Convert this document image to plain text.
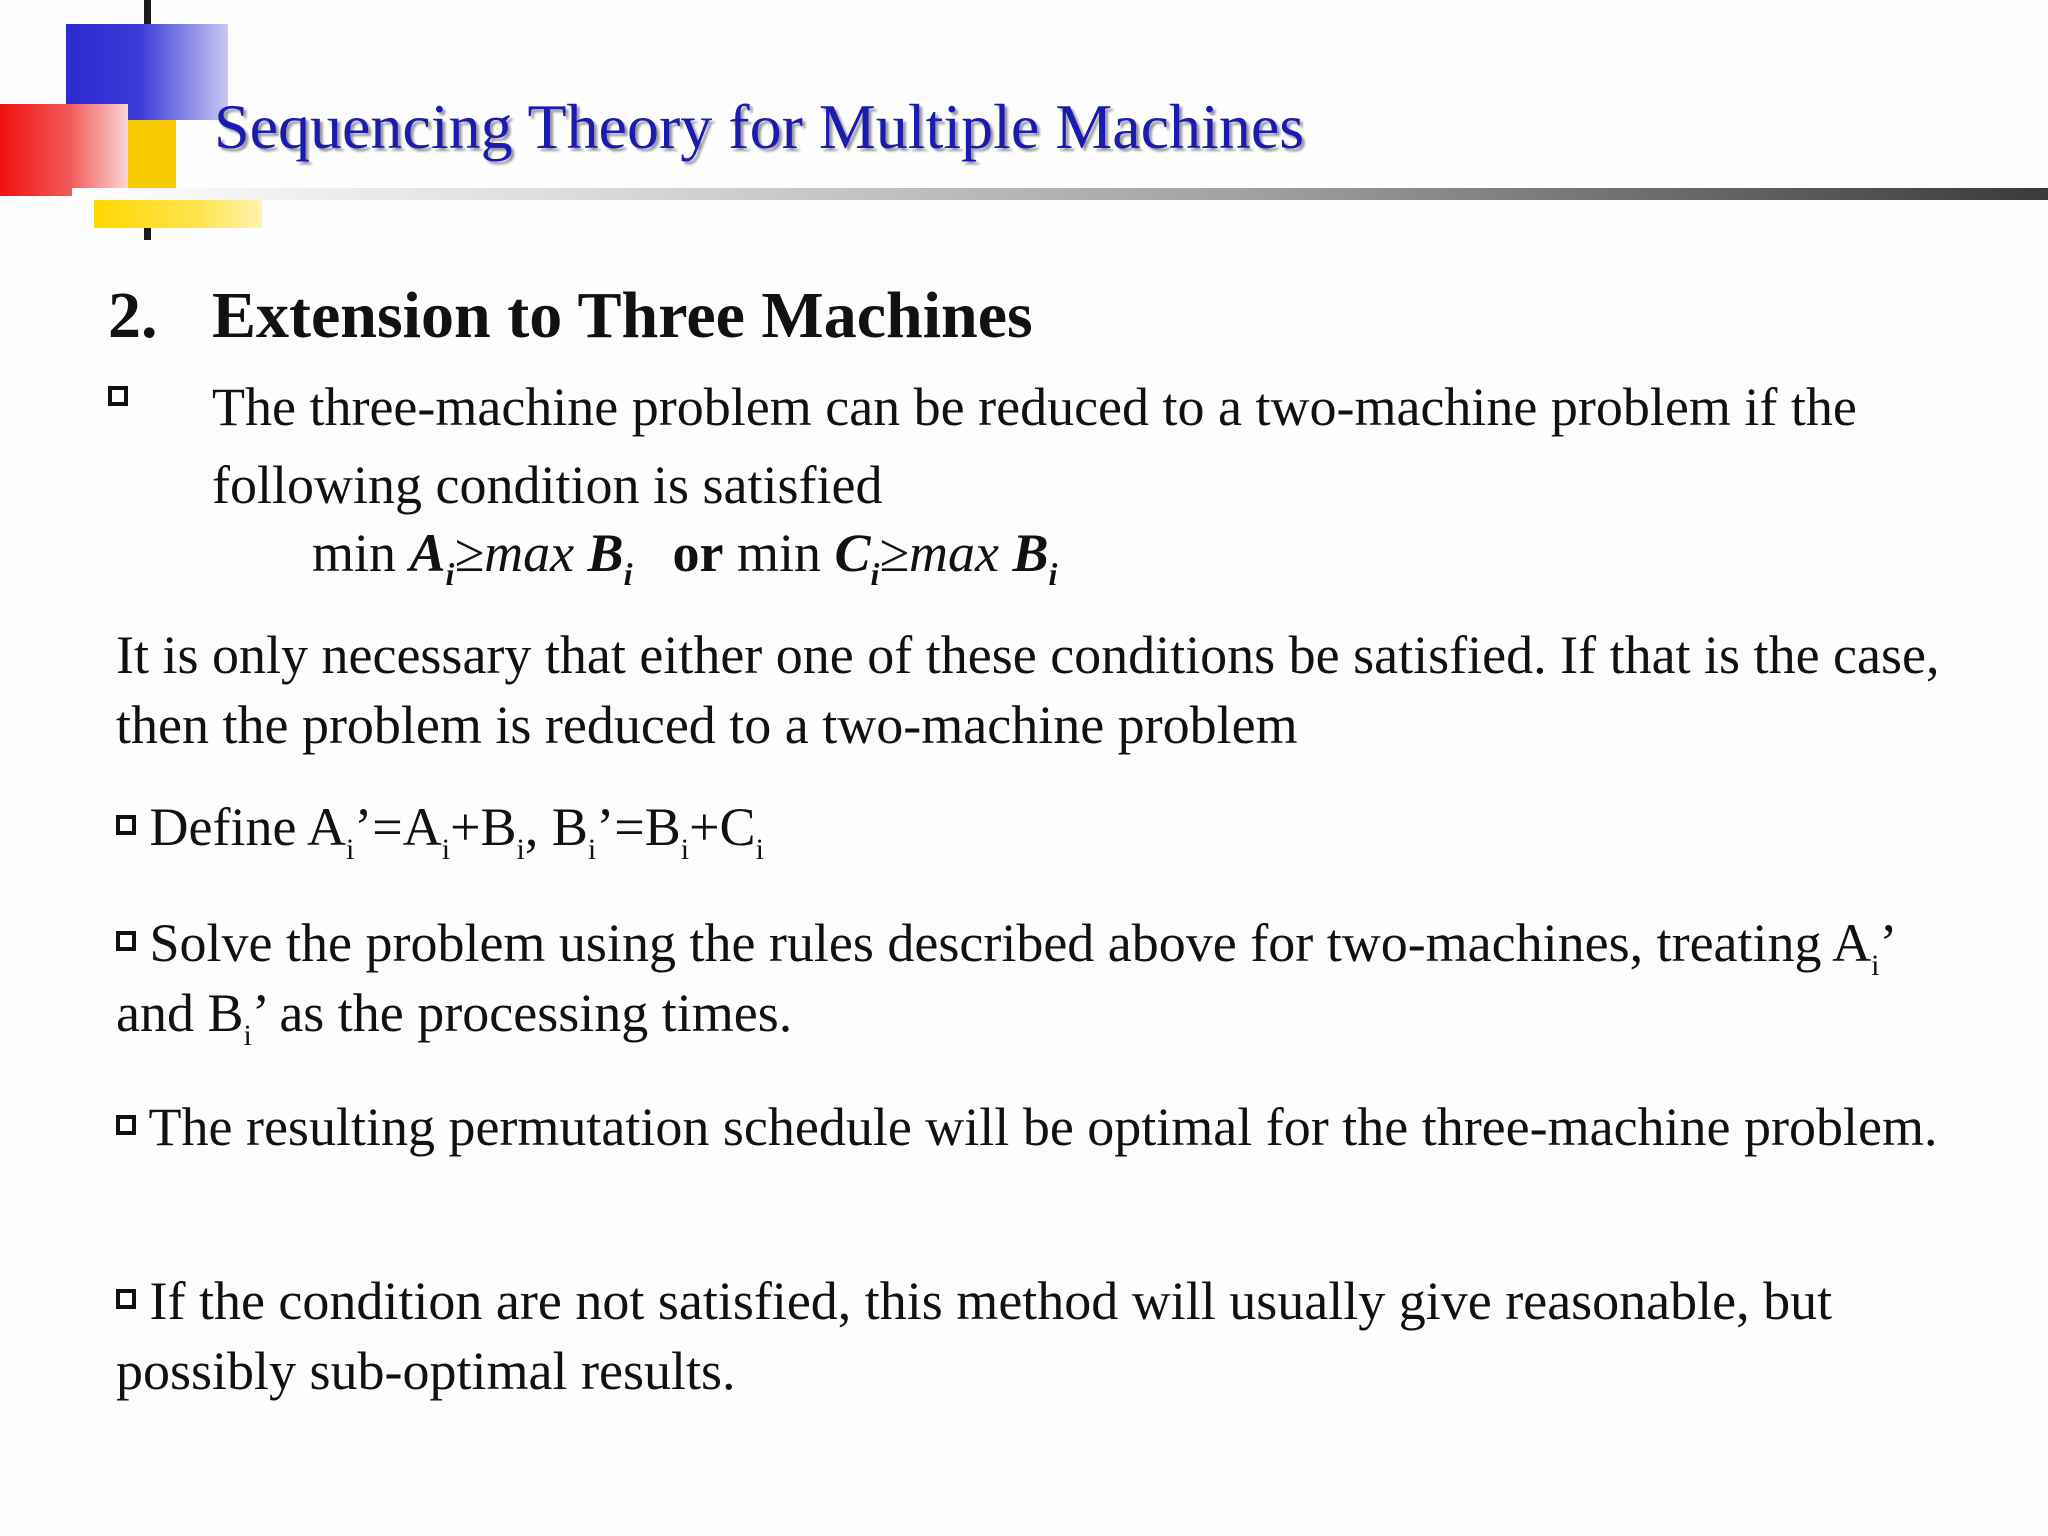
Sequencing Theory for Multiple Machines
2. Extension to Three Machines
The three-machine problem can be reduced to a two-machine problem if the following condition is satisfied
$\min A_i\ge\max$ $B_i$ or $\min C_i\ge\max$ $B_i$
It is only necessary that either one of these conditions be satisfied. If that is the case, then the problem is reduced to a two-machine problem
Define $A_i’=A_i+B_i$, $B_i’=B_i+C_i$
Solve the problem using the rules described above for two-machines, treating $A_i$’ and $B_i$’ as the processing times.
The resulting permutation schedule will be optimal for the three-machine problem.
If the condition are not satisfied, this method will usually give reasonable, but possibly sub-optimal results.
